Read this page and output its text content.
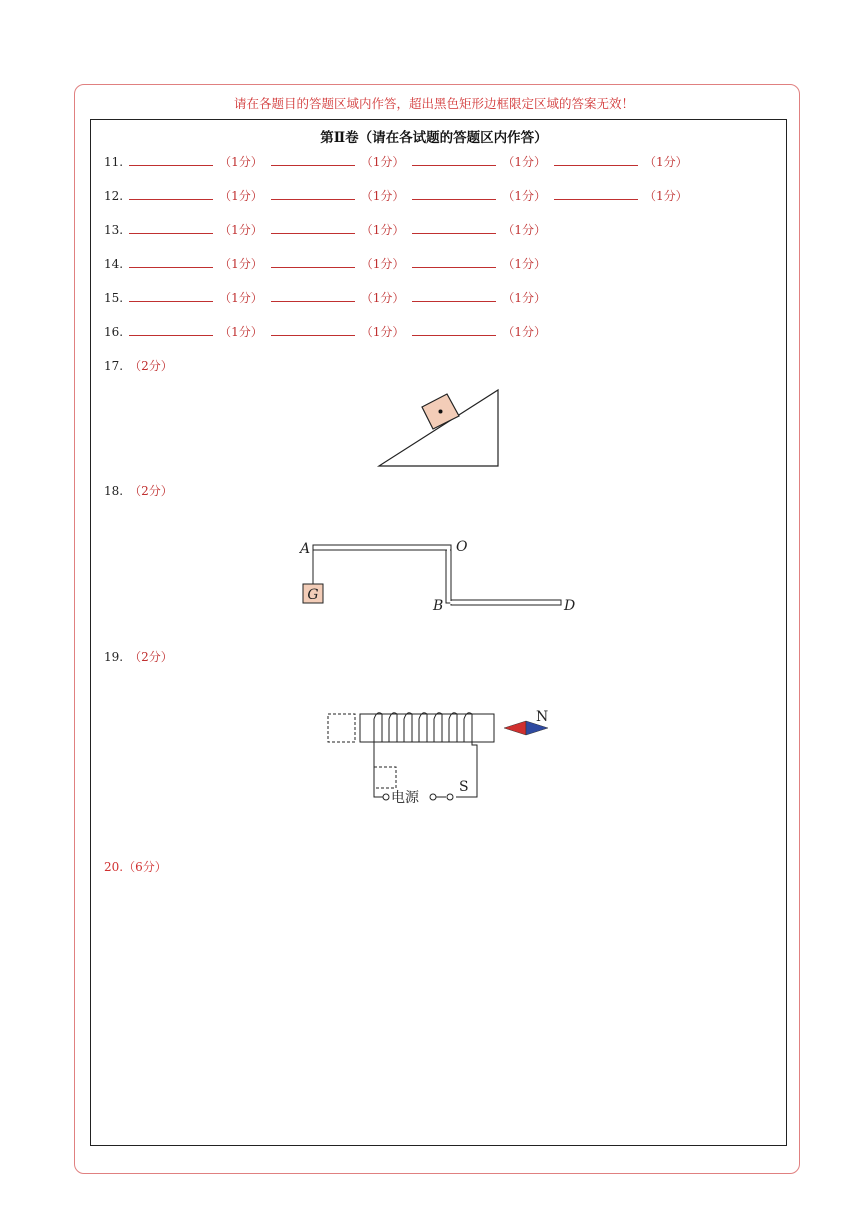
请在各题目的答题区域内作答，超出黑色矩形边框限定区域的答案无效！
第Ⅱ卷（请在各试题的答题区内作答）
11.	（1分）	（1分）	（1分）	（1分）
12.	（1分）	（1分）	（1分）	（1分）
13.	（1分）	（1分）	（1分）
14.	（1分）	（1分）	（1分）
15.	（1分）	（1分）	（1分）
16.	（1分）	（1分）	（1分）
17. （2分）
18. （2分）
G
A	O
B	D
19. （2分）
电源
S
N
20.（6分）
